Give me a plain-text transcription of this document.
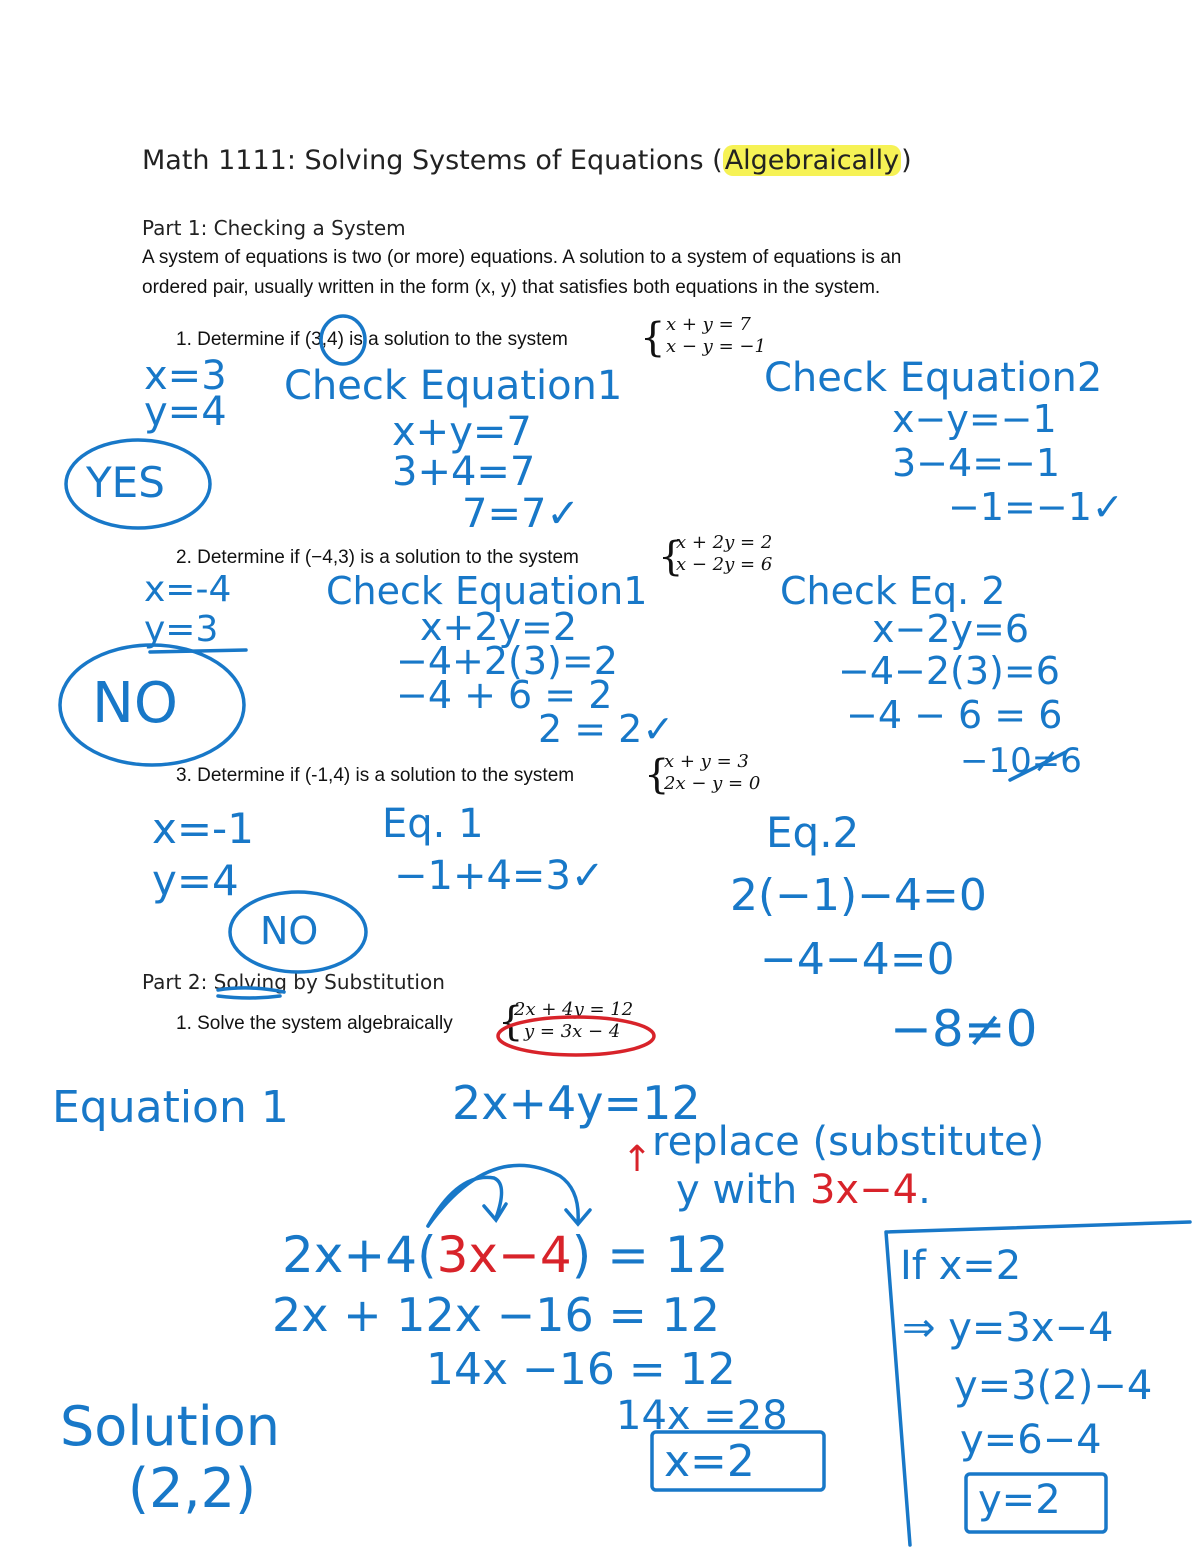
Math 1111: Solving Systems of Equations (Algebraically)
Part 1: Checking a System
A system of equations is two (or more) equations. A solution to a system of equations is an
ordered pair, usually written in the form (x, y) that satisfies both equations in the system.
1. Determine if (3,4) is a solution to the system { x + y = 7
x − y = −1
2. Determine if (−4,3) is a solution to the system {
x + 2y = 2
x − 2y = 6
3. Determine if (-1,4) is a solution to the system {
x + y = 3
2x − y = 0
Part 2: Solving by Substitution
1. Solve the system algebraically {
2x + 4y = 12
y = 3x − 4
x=3
y=4
YES
Check Equation1
x+y=7
3+4=7
7=7✓
Check Equation2
x−y=−1
3−4=−1
−1=−1✓
x=-4
y=3
NO
Check Equation1
x+2y=2
−4+2(3)=2
−4 + 6 = 2
2 = 2✓
Check Eq. 2
x−2y=6
−4−2(3)=6
−4 − 6 = 6
−10≠6
x=-1
y=4
NO
Eq. 1
−1+4=3✓
Eq.2
2(−1)−4=0
−4−4=0
−8≠0
Equation 1	2x+4y=12
↑ replace (substitute)
y with 3x−4.
2x+4(3x−4) = 12
2x + 12x −16 = 12
14x −16 = 12
14x =28
x=2
Solution
(2,2)
If x=2
⇒ y=3x−4
y=3(2)−4
y=6−4
y=2
